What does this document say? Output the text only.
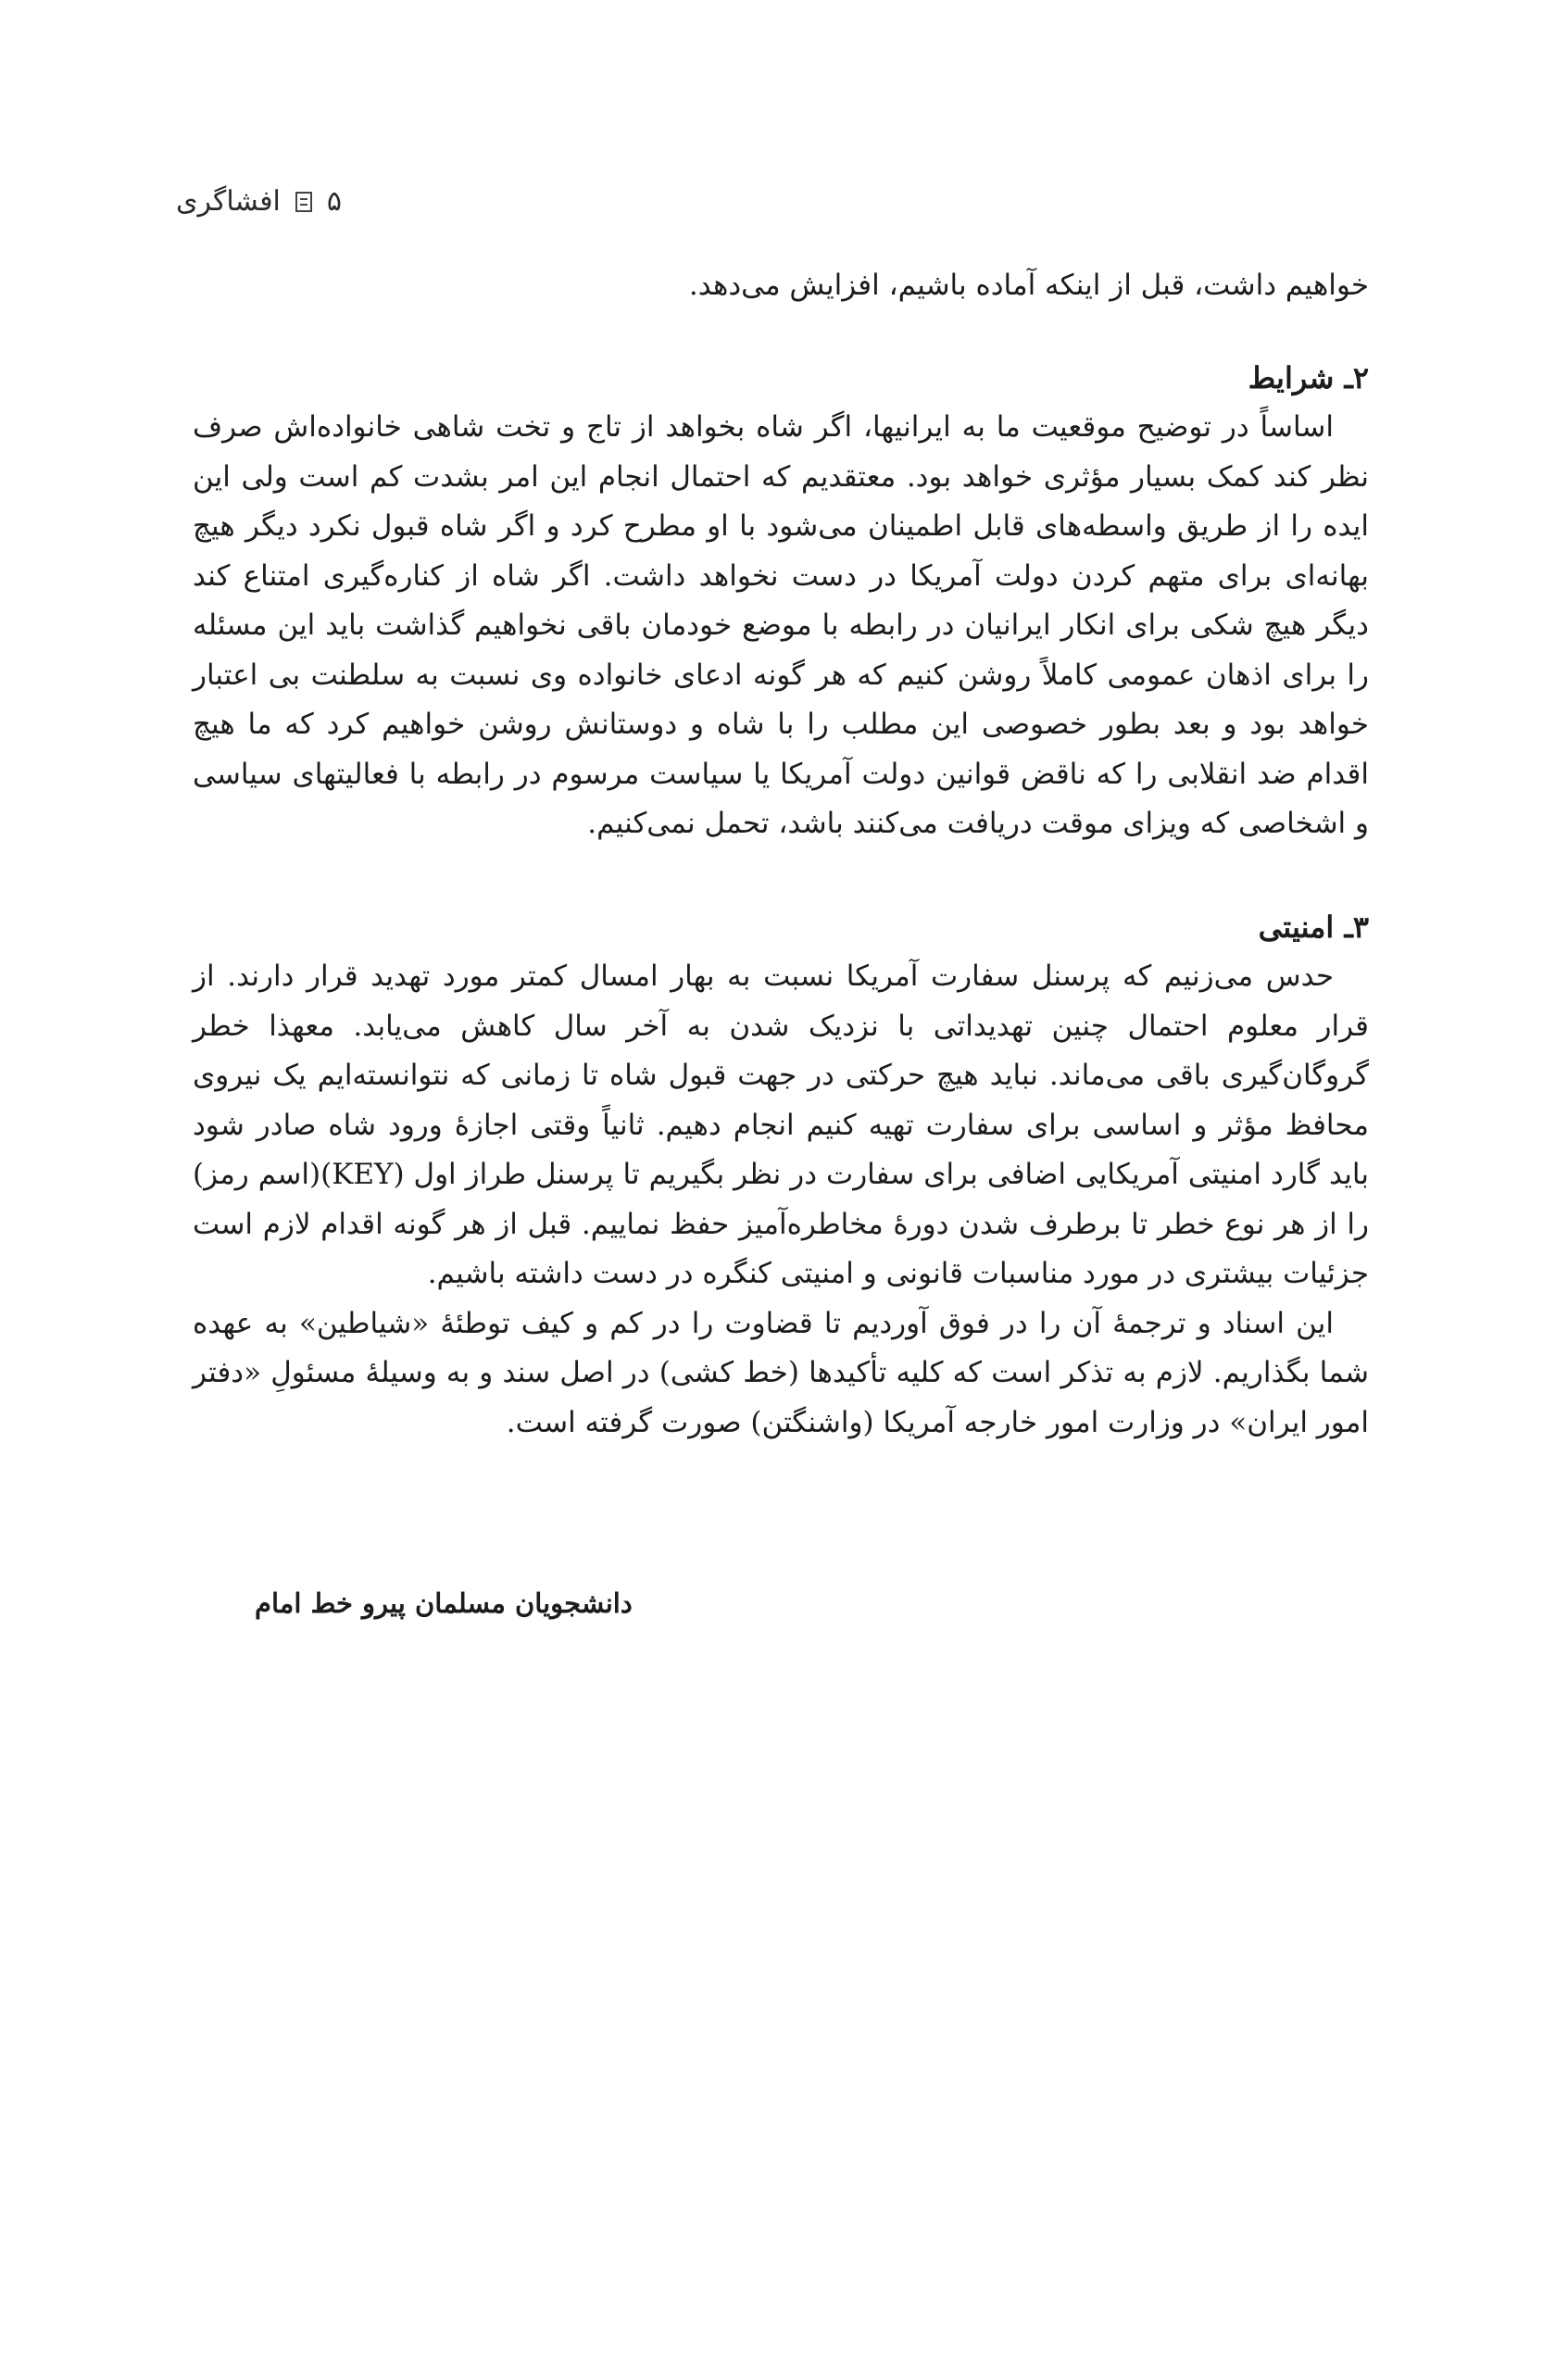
۵
افشاگری

خواهیم داشت، قبل از اینکه آماده باشیم، افزایش می‌دهد.

۲ـ شرایط

اساساً در توضیح موقعیت ما به ایرانیها، اگر شاه بخواهد از تاج و تخت شاهی خانواده‌اش صرف نظر کند کمک بسیار مؤثری خواهد بود. معتقدیم که احتمال انجام این امر بشدت کم است ولی این ایده را از طریق واسطه‌های قابل اطمینان می‌شود با او مطرح کرد و اگر شاه قبول نکرد دیگر هیچ بهانه‌ای برای متهم کردن دولت آمریکا در دست نخواهد داشت. اگر شاه از کناره‌گیری امتناع کند دیگر هیچ شکی برای انکار ایرانیان در رابطه با موضع خودمان باقی نخواهیم گذاشت باید این مسئله را برای اذهان عمومی کاملاً روشن کنیم که هر گونه ادعای خانواده وی نسبت به سلطنت بی اعتبار خواهد بود و بعد بطور خصوصی این مطلب را با شاه و دوستانش روشن خواهیم کرد که ما هیچ اقدام ضد انقلابی را که ناقض قوانین دولت آمریکا یا سیاست مرسوم در رابطه با فعالیتهای سیاسی و اشخاصی که ویزای موقت دریافت می‌کنند باشد، تحمل نمی‌کنیم.

۳ـ امنیتی

حدس می‌زنیم که پرسنل سفارت آمریکا نسبت به بهار امسال کمتر مورد تهدید قرار دارند. از قرار معلوم احتمال چنین تهدیداتی با نزدیک شدن به آخر سال کاهش می‌یابد. معهذا خطر گروگان‌گیری باقی می‌ماند. نباید هیچ حرکتی در جهت قبول شاه تا زمانی که نتوانسته‌ایم یک نیروی محافظ مؤثر و اساسی برای سفارت تهیه کنیم انجام دهیم. ثانیاً وقتی اجازهٔ ورود شاه صادر شود باید گارد امنیتی آمریکایی اضافی برای سفارت در نظر بگیریم تا پرسنل طراز اول (KEY)(اسم رمز) را از هر نوع خطر تا برطرف شدن دورهٔ مخاطره‌آمیز حفظ نماییم. قبل از هر گونه اقدام لازم است جزئیات بیشتری در مورد مناسبات قانونی و امنیتی کنگره در دست داشته باشیم.

این اسناد و ترجمهٔ آن را در فوق آوردیم تا قضاوت را در کم و کیف توطئهٔ «شیاطین» به عهده شما بگذاریم. لازم به تذکر است که کلیه تأکیدها (خط کشی) در اصل سند و به وسیلهٔ مسئولِ «دفتر امور ایران» در وزارت امور خارجه آمریکا (واشنگتن) صورت گرفته است.

دانشجویان مسلمان پیرو خط امام
